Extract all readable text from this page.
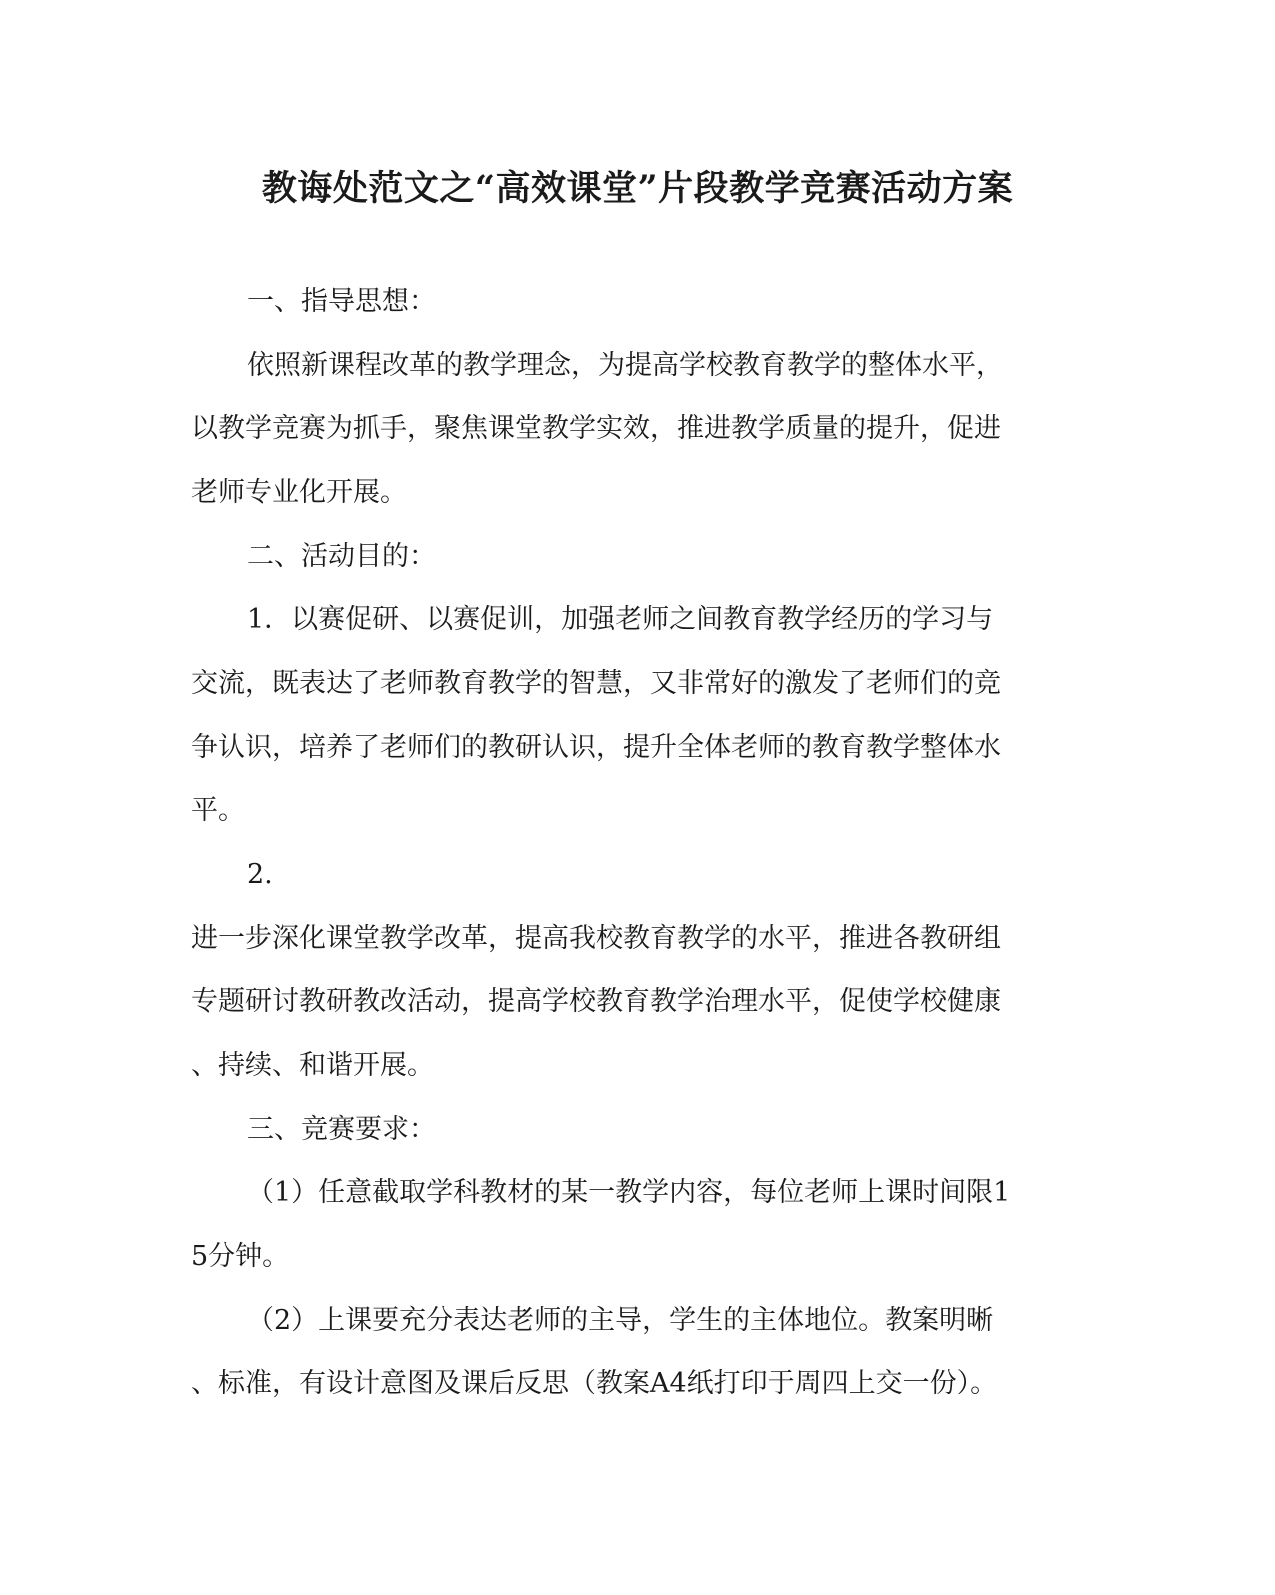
教诲处范文之“高效课堂”片段教学竞赛活动方案

一、指导思想：

依照新课程改革的教学理念，为提高学校教育教学的整体水平，

以教学竞赛为抓手，聚焦课堂教学实效，推进教学质量的提升，促进

老师专业化开展。

二、活动目的：

1．以赛促研、以赛促训，加强老师之间教育教学经历的学习与

交流，既表达了老师教育教学的智慧，又非常好的激发了老师们的竞

争认识，培养了老师们的教研认识，提升全体老师的教育教学整体水

平。

2.

进一步深化课堂教学改革，提高我校教育教学的水平，推进各教研组

专题研讨教研教改活动，提高学校教育教学治理水平，促使学校健康

、持续、和谐开展。

三、竞赛要求：

（1）任意截取学科教材的某一教学内容，每位老师上课时间限1

5分钟。

（2）上课要充分表达老师的主导，学生的主体地位。教案明晰

、标准，有设计意图及课后反思（教案A4纸打印于周四上交一份）。
